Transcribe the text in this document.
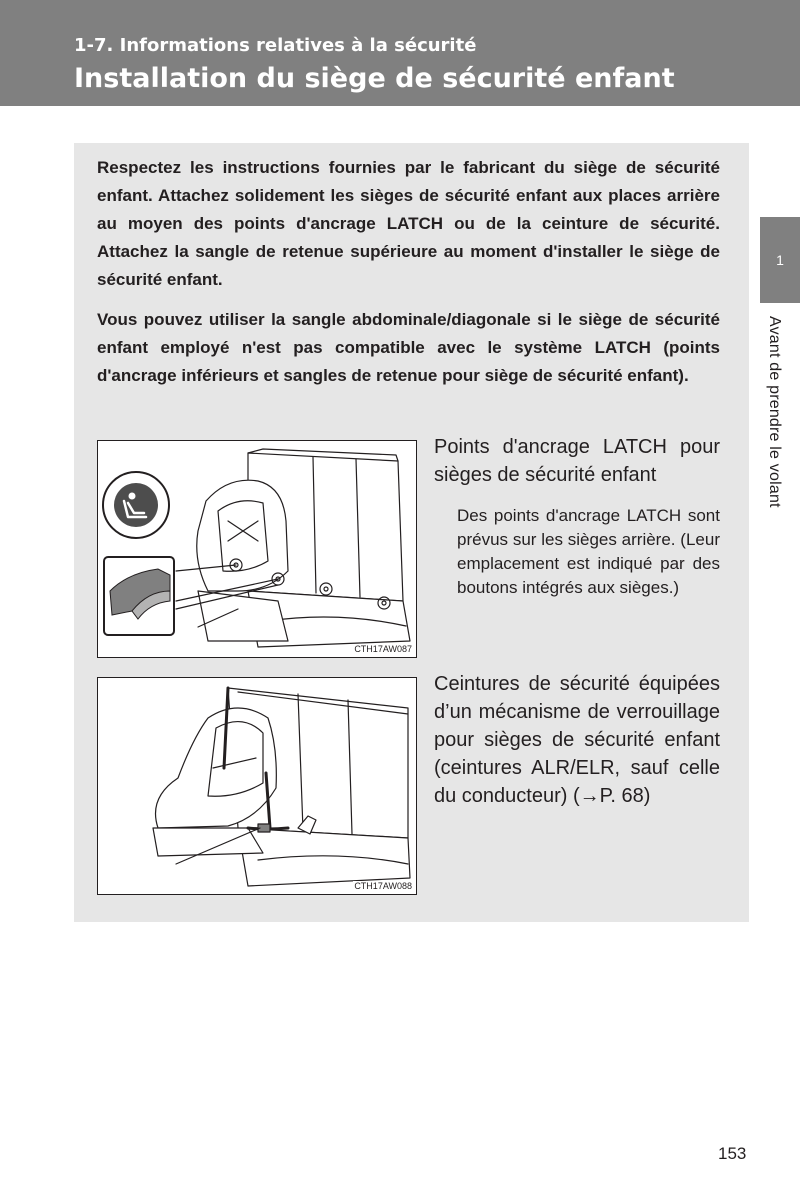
1-7. Informations relatives à la sécurité
Installation du siège de sécurité enfant
1
Avant de prendre le volant

Respectez les instructions fournies par le fabricant du siège de sécurité enfant. Attachez solidement les sièges de sécurité enfant aux places arrière au moyen des points d'ancrage LATCH ou de la ceinture de sécurité. Attachez la sangle de retenue supérieure au moment d'installer le siège de sécurité enfant.

Vous pouvez utiliser la sangle abdominale/diagonale si le siège de sécurité enfant employé n'est pas compatible avec le système LATCH (points d'ancrage inférieurs et sangles de retenue pour siège de sécurité enfant).

CTH17AW087

Points d'ancrage LATCH pour sièges de sécurité enfant

Des points d'ancrage LATCH sont prévus sur les sièges arrière. (Leur emplacement est indiqué par des boutons intégrés aux sièges.)

CTH17AW088

Ceintures de sécurité équipées d’un mécanisme de verrouillage pour sièges de sécurité enfant (ceintures ALR/ELR, sauf celle du conducteur) (→P. 68)

153
